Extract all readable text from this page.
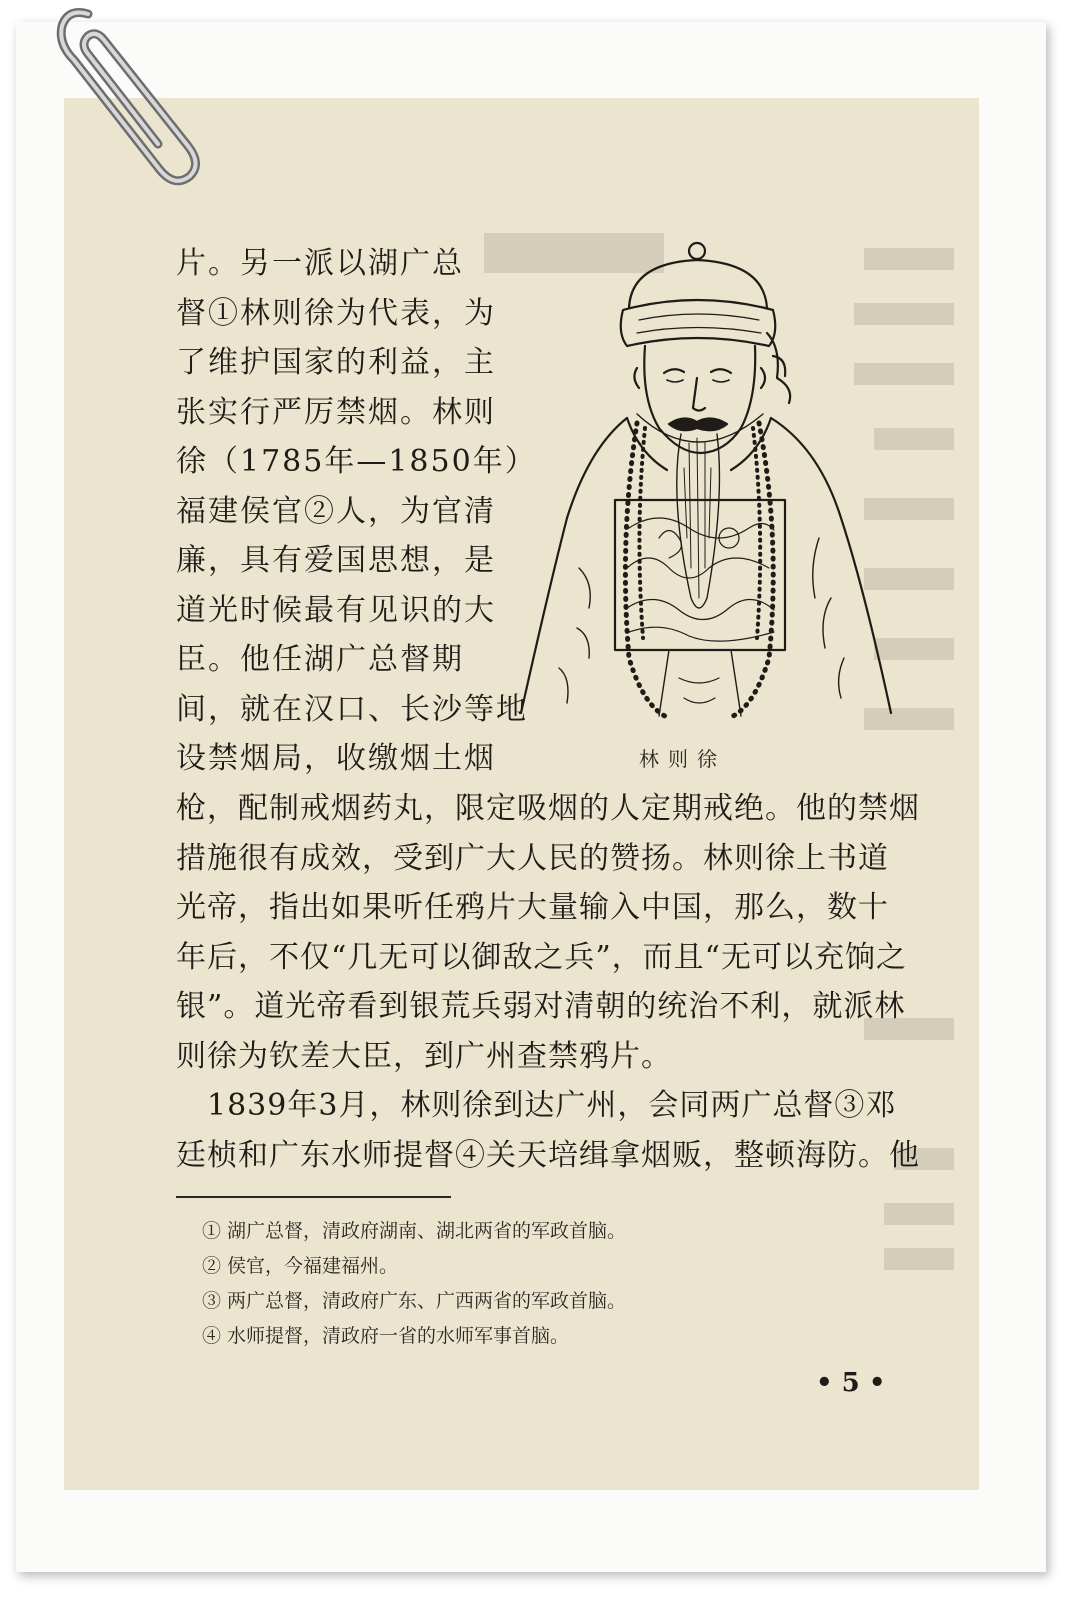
片。另一派以湖广总
督①林则徐为代表，为
了维护国家的利益，主
张实行严厉禁烟。林则
徐（1785年—1850年）
福建侯官②人，为官清
廉，具有爱国思想，是
道光时候最有见识的大
臣。他任湖广总督期
间，就在汉口、长沙等地
设禁烟局，收缴烟土烟	林则徐
枪，配制戒烟药丸，限定吸烟的人定期戒绝。他的禁烟
措施很有成效，受到广大人民的赞扬。林则徐上书道
光帝，指出如果听任鸦片大量输入中国，那么，数十
年后，不仅“几无可以御敌之兵”，而且“无可以充饷之
银”。道光帝看到银荒兵弱对清朝的统治不利，就派林
则徐为钦差大臣，到广州查禁鸦片。
　1839年3月，林则徐到达广州，会同两广总督③邓
廷桢和广东水师提督④关天培缉拿烟贩，整顿海防。他
① 湖广总督，清政府湖南、湖北两省的军政首脑。
② 侯官，今福建福州。
③ 两广总督，清政府广东、广西两省的军政首脑。
④ 水师提督，清政府一省的水师军事首脑。
• 5 •
